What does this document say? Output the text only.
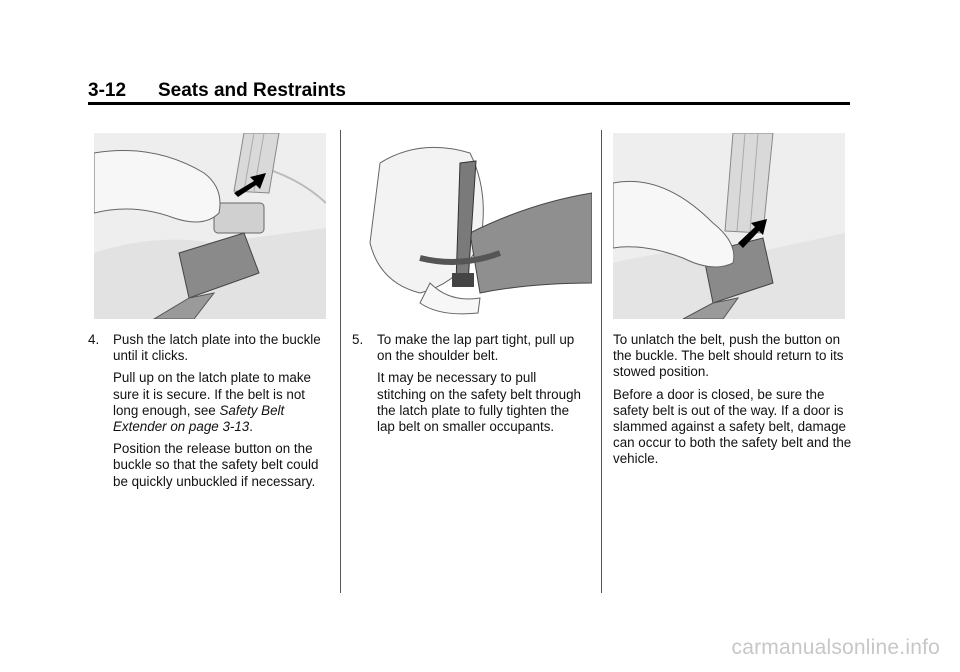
3-12 Seats and Restraints
4. Push the latch plate into the buckle until it clicks.

Pull up on the latch plate to make sure it is secure. If the belt is not long enough, see Safety Belt Extender on page 3-13.

Position the release button on the buckle so that the safety belt could be quickly unbuckled if necessary.

5. To make the lap part tight, pull up on the shoulder belt.

It may be necessary to pull stitching on the safety belt through the latch plate to fully tighten the lap belt on smaller occupants.

To unlatch the belt, push the button on the buckle. The belt should return to its stowed position.

Before a door is closed, be sure the safety belt is out of the way. If a door is slammed against a safety belt, damage can occur to both the safety belt and the vehicle.

carmanualsonline.info
